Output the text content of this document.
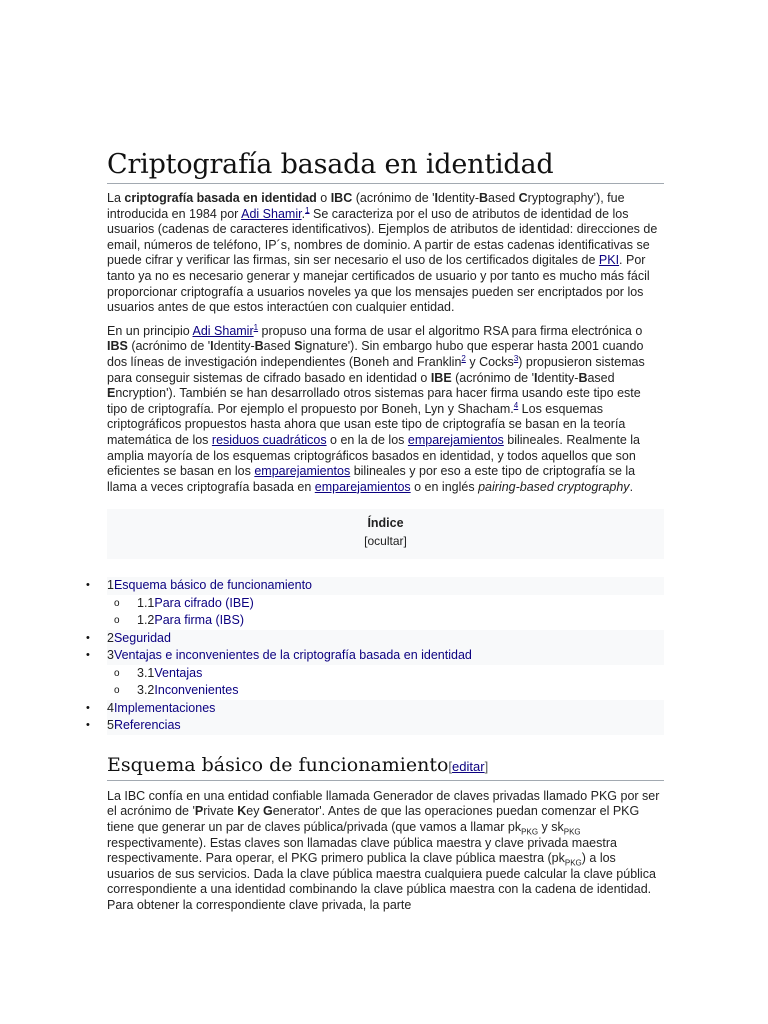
Criptografía basada en identidad

La criptografía basada en identidad o IBC (acrónimo de 'Identity-Based Cryptography'), fue introducida en 1984 por Adi Shamir.$^1$ Se caracteriza por el uso de atributos de identidad de los usuarios (cadenas de caracteres identificativos). Ejemplos de atributos de identidad: direcciones de email, números de teléfono, IP´s, nombres de dominio. A partir de estas cadenas identificativas se puede cifrar y verificar las firmas, sin ser necesario el uso de los certificados digitales de PKI. Por tanto ya no es necesario generar y manejar certificados de usuario y por tanto es mucho más fácil proporcionar criptografía a usuarios noveles ya que los mensajes pueden ser encriptados por los usuarios antes de que estos interactúen con cualquier entidad.

En un principio Adi Shamir$^1$ propuso una forma de usar el algoritmo RSA para firma electrónica o IBS (acrónimo de 'Identity-Based Signature'). Sin embargo hubo que esperar hasta 2001 cuando dos líneas de investigación independientes (Boneh and Franklin$^2$ y Cocks$^3$) propusieron sistemas para conseguir sistemas de cifrado basado en identidad o IBE (acrónimo de 'Identity-Based Encryption'). También se han desarrollado otros sistemas para hacer firma usando este tipo este tipo de criptografía. Por ejemplo el propuesto por Boneh, Lyn y Shacham.$^4$ Los esquemas criptográficos propuestos hasta ahora que usan este tipo de criptografía se basan en la teoría matemática de los residuos cuadráticos o en la de los emparejamientos bilineales. Realmente la amplia mayoría de los esquemas criptográficos basados en identidad, y todos aquellos que son eficientes se basan en los emparejamientos bilineales y por eso a este tipo de criptografía se la llama a veces criptografía basada en emparejamientos o en inglés pairing-based cryptography.

Índice
[ocultar]
• 1Esquema básico de funcionamiento
o 1.1Para cifrado (IBE)
o 1.2Para firma (IBS)
• 2Seguridad
• 3Ventajas e inconvenientes de la criptografía basada en identidad
o 3.1Ventajas
o 3.2Inconvenientes
• 4Implementaciones
• 5Referencias
Esquema básico de funcionamiento[editar]

La IBC confía en una entidad confiable llamada Generador de claves privadas llamado PKG por ser el acrónimo de 'Private Key Generator'. Antes de que las operaciones puedan comenzar el PKG tiene que generar un par de claves pública/privada (que vamos a llamar $pk_{PKG}$ y $sk_{PKG}$ respectivamente). Estas claves son llamadas clave pública maestra y clave privada maestra respectivamente. Para operar, el PKG primero publica la clave pública maestra $(pk_{PKG})$ a los usuarios de sus servicios. Dada la clave pública maestra cualquiera puede calcular la clave pública correspondiente a una identidad combinando la clave pública maestra con la cadena de identidad. Para obtener la correspondiente clave privada, la parte
